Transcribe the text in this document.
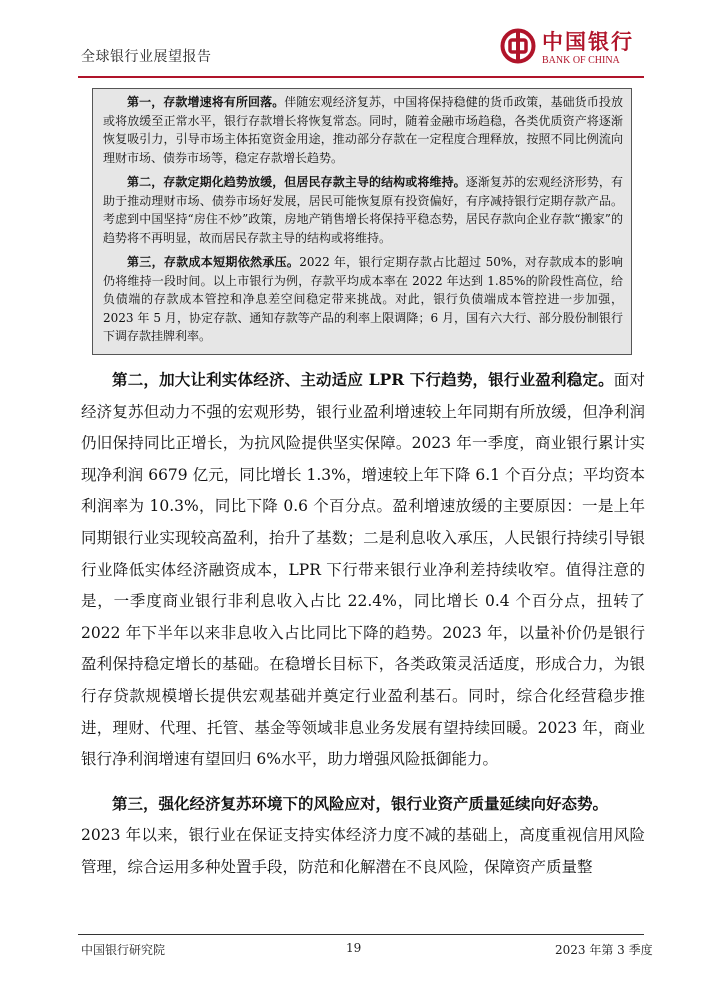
全球银行业展望报告
中国银行
BANK OF CHINA

第一，存款增速将有所回落。伴随宏观经济复苏，中国将保持稳健的货币政策，基础货币投放或将放缓至正常水平，银行存款增长将恢复常态。同时，随着金融市场趋稳，各类优质资产将逐渐恢复吸引力，引导市场主体拓宽资金用途，推动部分存款在一定程度合理释放，按照不同比例流向理财市场、债券市场等，稳定存款增长趋势。

第二，存款定期化趋势放缓，但居民存款主导的结构或将维持。逐渐复苏的宏观经济形势，有助于推动理财市场、债券市场好发展，居民可能恢复原有投资偏好，有序减持银行定期存款产品。考虑到中国坚持“房住不炒”政策，房地产销售增长将保持平稳态势，居民存款向企业存款“搬家”的趋势将不再明显，故而居民存款主导的结构或将维持。

第三，存款成本短期依然承压。2022 年，银行定期存款占比超过 50%，对存款成本的影响仍将维持一段时间。以上市银行为例，存款平均成本率在 2022 年达到 1.85%的阶段性高位，给负债端的存款成本管控和净息差空间稳定带来挑战。对此，银行负债端成本管控进一步加强，2023 年 5 月，协定存款、通知存款等产品的利率上限调降；6 月，国有六大行、部分股份制银行下调存款挂牌利率。

第二，加大让利实体经济、主动适应 LPR 下行趋势，银行业盈利稳定。面对经济复苏但动力不强的宏观形势，银行业盈利增速较上年同期有所放缓，但净利润仍旧保持同比正增长，为抗风险提供坚实保障。2023 年一季度，商业银行累计实现净利润 6679 亿元，同比增长 1.3%，增速较上年下降 6.1 个百分点；平均资本利润率为 10.3%，同比下降 0.6 个百分点。盈利增速放缓的主要原因：一是上年同期银行业实现较高盈利，抬升了基数；二是利息收入承压，人民银行持续引导银行业降低实体经济融资成本，LPR 下行带来银行业净利差持续收窄。值得注意的是，一季度商业银行非利息收入占比 22.4%，同比增长 0.4 个百分点，扭转了 2022 年下半年以来非息收入占比同比下降的趋势。2023 年，以量补价仍是银行盈利保持稳定增长的基础。在稳增长目标下，各类政策灵活适度，形成合力，为银行存贷款规模增长提供宏观基础并奠定行业盈利基石。同时，综合化经营稳步推进，理财、代理、托管、基金等领域非息业务发展有望持续回暖。2023 年，商业银行净利润增速有望回归 6%水平，助力增强风险抵御能力。

第三，强化经济复苏环境下的风险应对，银行业资产质量延续向好态势。
2023 年以来，银行业在保证支持实体经济力度不减的基础上，高度重视信用风险管理，综合运用多种处置手段，防范和化解潜在不良风险，保障资产质量整

中国银行研究院	19	2023 年第 3 季度
